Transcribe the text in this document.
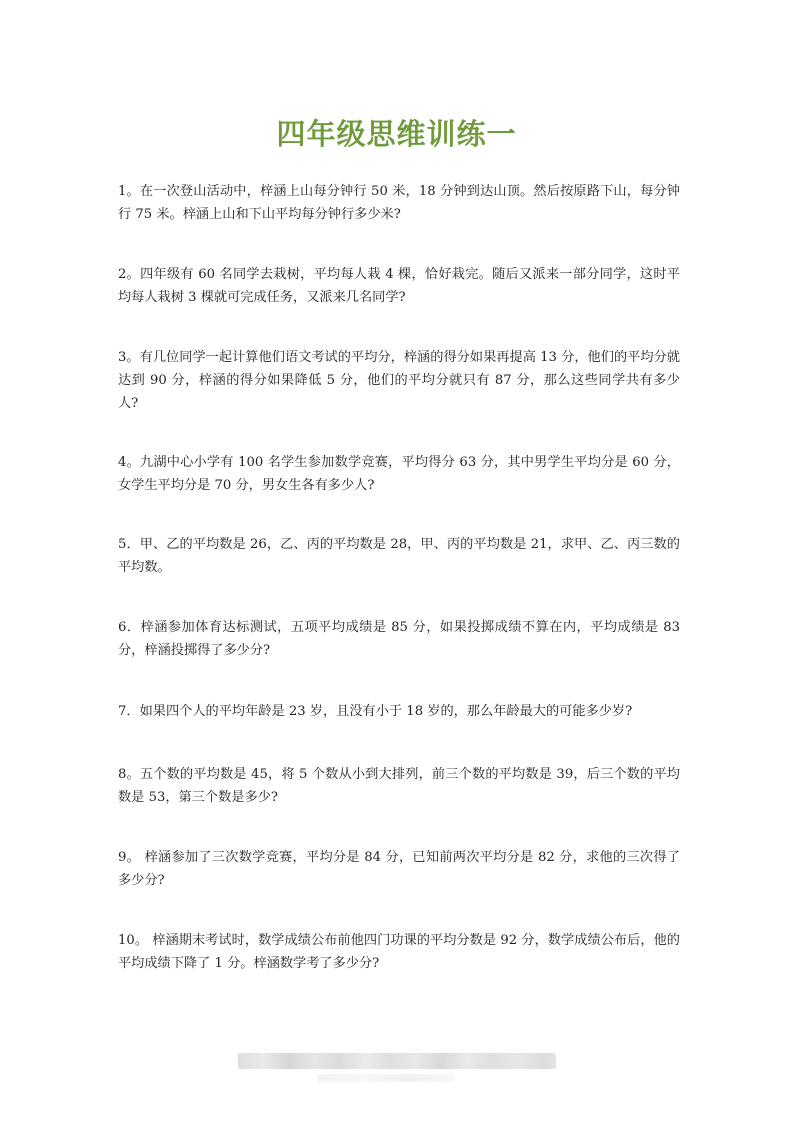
四年级思维训练一
1。在一次登山活动中，梓涵上山每分钟行 50 米，18 分钟到达山顶。然后按原路下山，每分钟行 75 米。梓涵上山和下山平均每分钟行多少米?
2。四年级有 60 名同学去栽树，平均每人栽 4 棵，恰好栽完。随后又派来一部分同学，这时平均每人栽树 3 棵就可完成任务，又派来几名同学?
3。有几位同学一起计算他们语文考试的平均分，梓涵的得分如果再提高 13 分，他们的平均分就达到 90 分，梓涵的得分如果降低 5 分，他们的平均分就只有 87 分，那么这些同学共有多少人?
4。九湖中心小学有 100 名学生参加数学竞赛，平均得分 63 分，其中男学生平均分是 60 分，女学生平均分是 70 分，男女生各有多少人?
5．甲、乙的平均数是 26，乙、丙的平均数是 28，甲、丙的平均数是 21，求甲、乙、丙三数的平均数。
6．梓涵参加体育达标测试，五项平均成绩是 85 分，如果投掷成绩不算在内，平均成绩是 83 分，梓涵投掷得了多少分?
7．如果四个人的平均年龄是 23 岁，且没有小于 18 岁的，那么年龄最大的可能多少岁?
8。五个数的平均数是 45，将 5 个数从小到大排列，前三个数的平均数是 39，后三个数的平均数是 53，第三个数是多少?
9。 梓涵参加了三次数学竞赛，平均分是 84 分，已知前两次平均分是 82 分，求他的三次得了多少分?
10。 梓涵期末考试时，数学成绩公布前他四门功课的平均分数是 92 分，数学成绩公布后，他的平均成绩下降了 1 分。梓涵数学考了多少分?
